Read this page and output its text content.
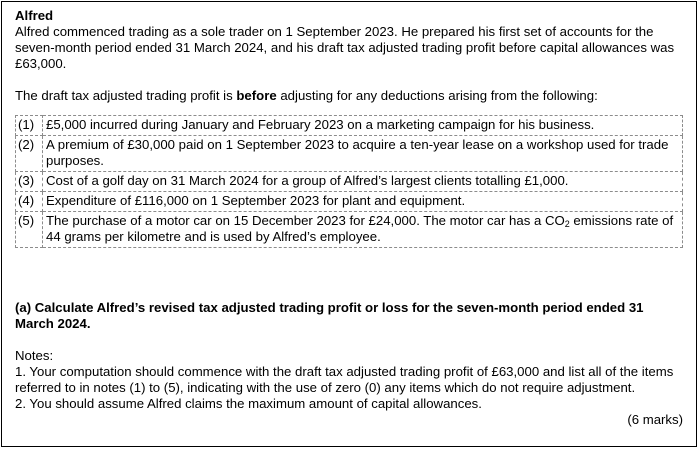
Alfred

Alfred commenced trading as a sole trader on 1 September 2023. He prepared his first set of accounts for the seven-month period ended 31 March 2024, and his draft tax adjusted trading profit before capital allowances was £63,000.

The draft tax adjusted trading profit is before adjusting for any deductions arising from the following:

(1)	£5,000 incurred during January and February 2023 on a marketing campaign for his business.
(2)	A premium of £30,000 paid on 1 September 2023 to acquire a ten-year lease on a workshop used for trade purposes.
(3)	Cost of a golf day on 31 March 2024 for a group of Alfred’s largest clients totalling £1,000.
(4)	Expenditure of £116,000 on 1 September 2023 for plant and equipment.
(5)	The purchase of a motor car on 15 December 2023 for £24,000. The motor car has a $CO_2$ emissions rate of 44 grams per kilometre and is used by Alfred’s employee.

(a) Calculate Alfred’s revised tax adjusted trading profit or loss for the seven-month period ended 31 March 2024.

Notes:

1. Your computation should commence with the draft tax adjusted trading profit of £63,000 and list all of the items referred to in notes (1) to (5), indicating with the use of zero (0) any items which do not require adjustment.

2. You should assume Alfred claims the maximum amount of capital allowances.

(6 marks)
